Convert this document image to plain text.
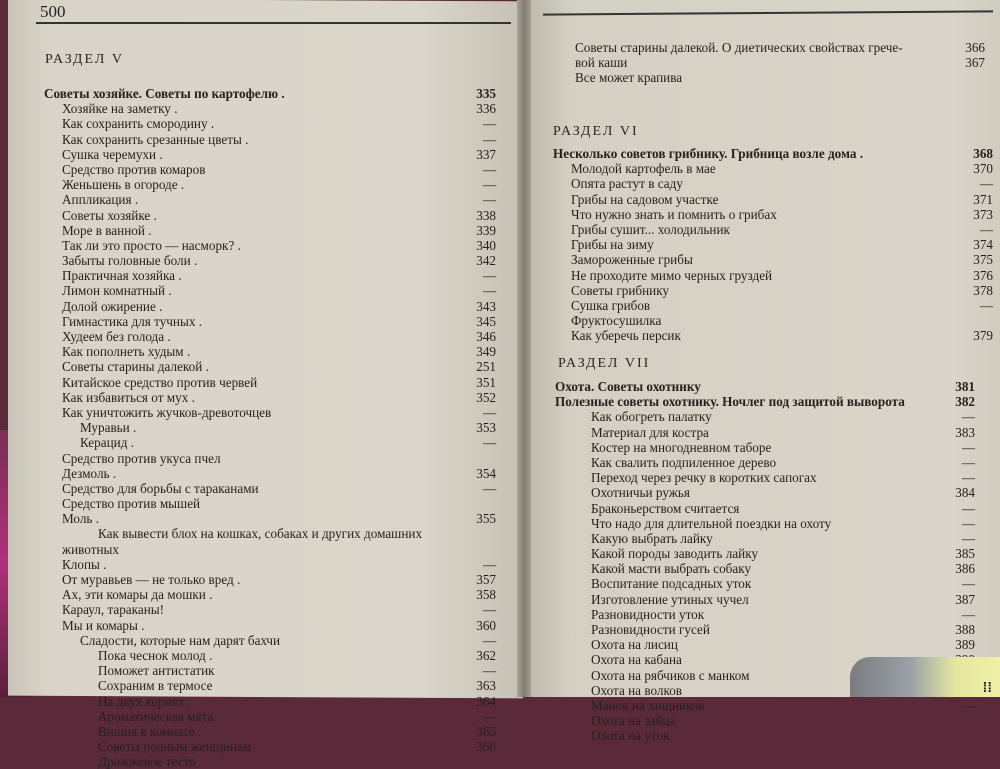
500
РАЗДЕЛ V
Советы хозяйке. Советы по картофелю .	335
Хозяйке на заметку .	336
Как сохранить смородину .	—
Как сохранить срезанные цветы .	—
Сушка черемухи .	337
Средство против комаров	—
Женьшень в огороде .	—
Аппликация .	—
Советы хозяйке .	338
Море в ванной .	339
Так ли это просто — насморк? .	340
Забыты головные боли .	342
Практичная хозяйка .	—
Лимон комнатный .	—
Долой ожирение .	343
Гимнастика для тучных .	345
Худеем без голода .	346
Как пополнеть худым .	349
Советы старины далекой .	251
Китайское средство против червей	351
Как избавиться от мух .	352
Как уничтожить жучков-древоточцев	—
Муравьи .	353
Керацид .	—
Средство против укуса пчел
Дезмоль .	354
Средство для борьбы с тараканами	—
Средство против мышей
Моль .	355
Как вывести блох на кошках, собаках и других домашних
животных
Клопы .	—
От муравьев — не только вред .	357
Ах, эти комары да мошки .	358
Караул, тараканы!	—
Мы и комары .	360
Сладости, которые нам дарят бахчи	—
Пока чеснок молод .	362
Поможет антистатик	—
Сохраним в термосе	363
На двух корнях .	364
Ароматическая мята	—
Вишня в комнате .	365
Советы полным женщинам	366
Дрожжевое тесто
Советы старины далекой. О диетических свойствах грече-	366
вой каши	367
Все может крапива
РАЗДЕЛ VI
Несколько советов грибнику. Грибница возле дома .	368
Молодой картофель в мае	370
Опята растут в саду	—
Грибы на садовом участке	371
Что нужно знать и помнить о грибах	373
Грибы сушит... холодильник	—
Грибы на зиму	374
Замороженные грибы	375
Не проходите мимо черных груздей	376
Советы грибнику	378
Сушка грибов	—
Фруктосушилка
Как уберечь персик	379
РАЗДЕЛ VII
Охота. Советы охотнику	381
Полезные советы охотнику. Ночлег под защитой выворота	382
Как обогреть палатку	—
Материал для костра	383
Костер на многодневном таборе	—
Как свалить подпиленное дерево	—
Переход через речку в коротких сапогах	—
Охотничьи ружья	384
Браконьерством считается	—
Что надо для длительной поездки на охоту	—
Какую выбрать лайку	—
Какой породы заводить лайку	385
Какой масти выбрать собаку	386
Воспитание подсадных уток	—
Изготовление утиных чучел	387
Разновидности уток	—
Разновидности гусей	388
Охота на лисиц	389
Охота на кабана
Охота на рябчиков с манком
Охота на волков
Манок на хищников	—
Охота на зайца
Охота на уток
⁞⁞
